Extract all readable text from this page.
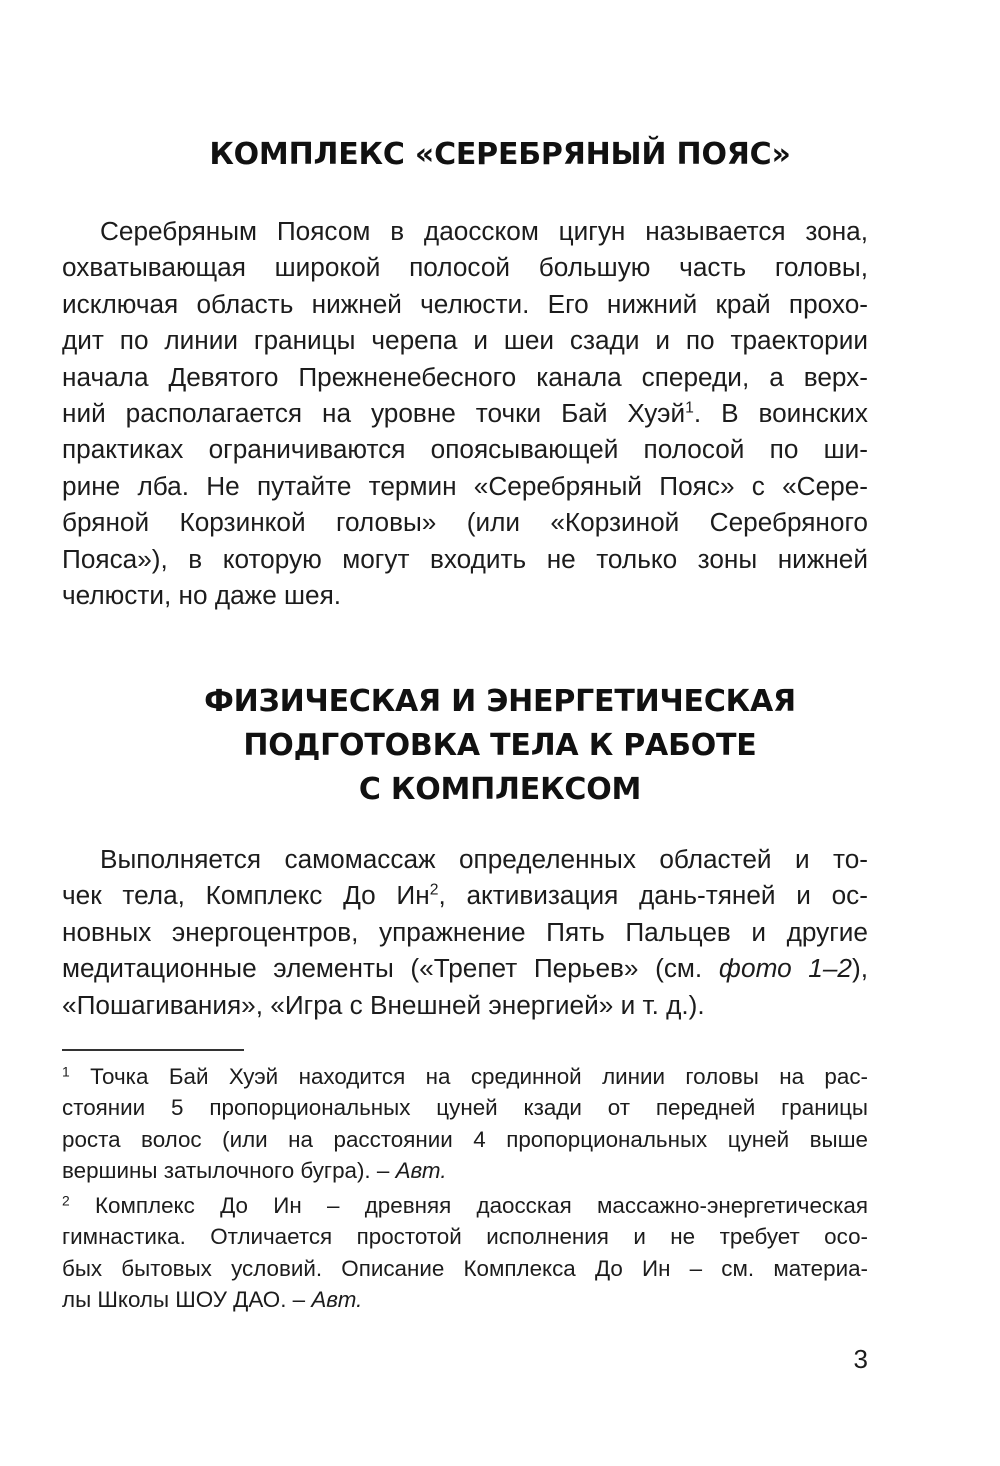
КОМПЛЕКС «СЕРЕБРЯНЫЙ ПОЯС»
Серебряным Поясом в даосском цигун называется зона,
охватывающая широкой полосой большую часть головы,
исключая область нижней челюсти. Его нижний край прохо-
дит по линии границы черепа и шеи сзади и по траектории
начала Девятого Прежненебесного канала спереди, а верх-
ний располагается на уровне точки Бай Хуэй$^1$. В воинских
практиках ограничиваются опоясывающей полосой по ши-
рине лба. Не путайте термин «Серебряный Пояс» с «Сере-
бряной Корзинкой головы» (или «Корзиной Серебряного
Пояса»), в которую могут входить не только зоны нижней
челюсти, но даже шея.
ФИЗИЧЕСКАЯ И ЭНЕРГЕТИЧЕСКАЯ
ПОДГОТОВКА ТЕЛА К РАБОТЕ
С КОМПЛЕКСОМ
Выполняется самомассаж определенных областей и то-
чек тела, Комплекс До $Ин^2$, активизация дань-тяней и ос-
новных энергоцентров, упражнение Пять Пальцев и другие
медитационные элементы («Трепет Перьев» (см. фото 1–2),
«Пошагивания», «Игра с Внешней энергией» и т. д.).
$^1$ Точка Бай Хуэй находится на срединной линии головы на рас-
стоянии 5 пропорциональных цуней кзади от передней границы
роста волос (или на расстоянии 4 пропорциональных цуней выше
вершины затылочного бугра). – Авт.
$^2$ Комплекс До Ин – древняя даосская массажно-энергетическая
гимнастика. Отличается простотой исполнения и не требует осо-
бых бытовых условий. Описание Комплекса До Ин – см. материа-
лы Школы ШОУ ДАО. – Авт.
3
